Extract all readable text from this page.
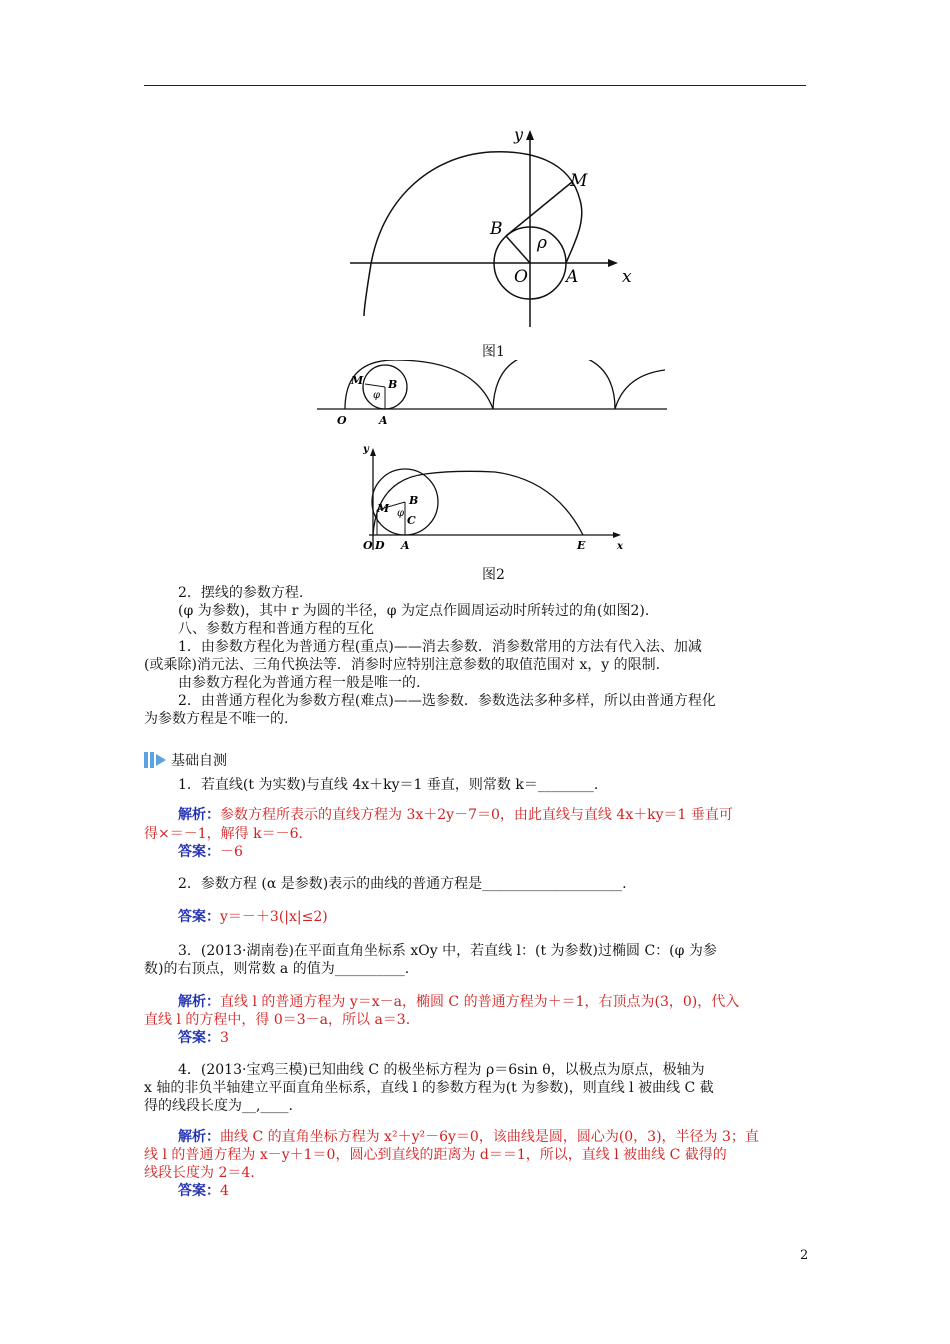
y
M
B
ρ
O A	x
图1
M B
φ
O	A
y
M
B
φ
C
O D A	E	x
图2
2．摆线的参数方程.
(φ 为参数)，其中 r 为圆的半径，φ 为定点作圆周运动时所转过的角(如图2).
八、参数方程和普通方程的互化
1．由参数方程化为普通方程(重点)——消去参数．消参数常用的方法有代入法、加减
(或乘除)消元法、三角代换法等．消参时应特别注意参数的取值范围对 x，y 的限制.
由参数方程化为普通方程一般是唯一的.
2．由普通方程化为参数方程(难点)——选参数．参数选法多种多样，所以由普通方程化
为参数方程是不唯一的.
基础自测
1．若直线(t 为实数)与直线 4x＋ky＝1 垂直，则常数 k＝________.
解析：参数方程所表示的直线方程为 3x＋2y－7＝0，由此直线与直线 4x＋ky＝1 垂直可
得×＝－1，解得 k＝－6.
答案：－6
2．参数方程 (α 是参数)表示的曲线的普通方程是____________________.
答案：y＝－＋3(|x|≤2)
3．(2013·湖南卷)在平面直角坐标系 xOy 中，若直线 l：(t 为参数)过椭圆 C：(φ 为参
数)的右顶点，则常数 a 的值为__________.
解析：直线 l 的普通方程为 y＝x－a，椭圆 C 的普通方程为＋＝1，右顶点为(3，0)，代入
直线 l 的方程中，得 0＝3－a，所以 a＝3.
答案：3
4．(2013·宝鸡三模)已知曲线 C 的极坐标方程为 ρ＝6sin θ，以极点为原点，极轴为
x 轴的非负半轴建立平面直角坐标系，直线 l 的参数方程为(t 为参数)，则直线 l 被曲线 C 截
得的线段长度为__,____.
解析：曲线 C 的直角坐标方程为 x²＋y²－6y＝0，该曲线是圆，圆心为(0，3)，半径为 3；直
线 l 的普通方程为 x－y＋1＝0，圆心到直线的距离为 d＝＝1，所以，直线 l 被曲线 C 截得的
线段长度为 2＝4.
答案：4
2
